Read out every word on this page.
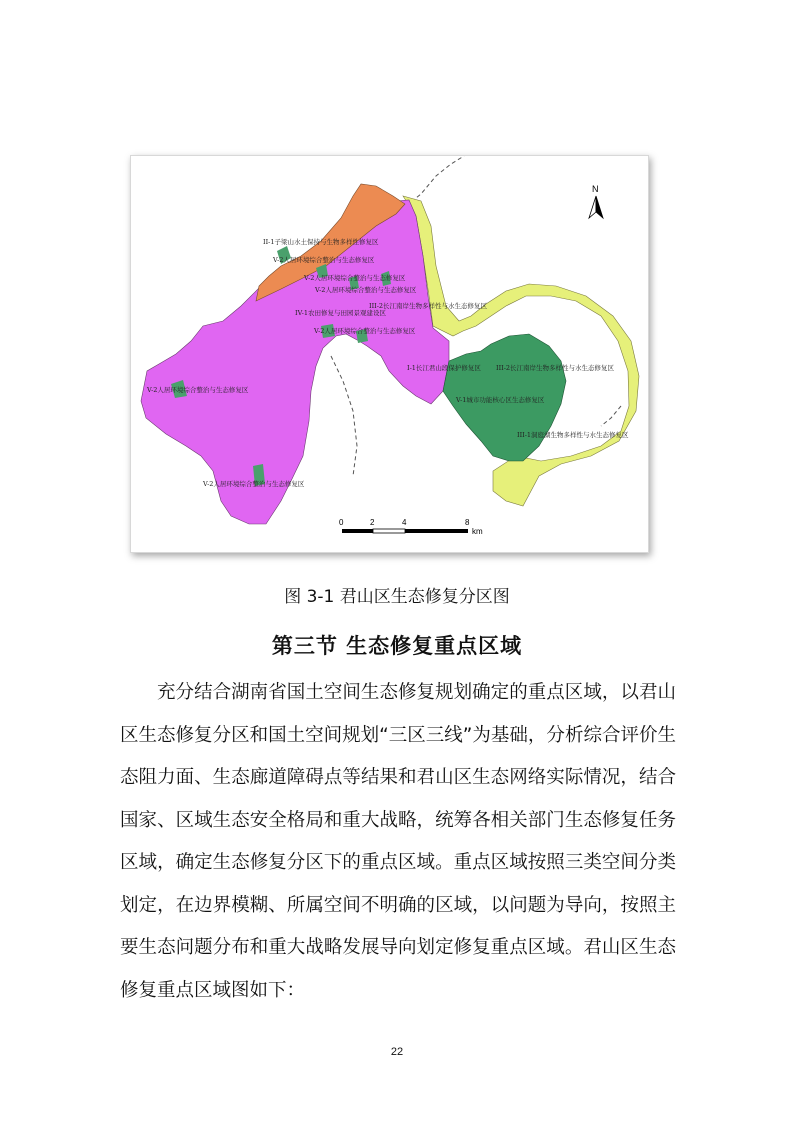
II-1子梁山水土保持与生物多样性修复区
V-2人居环境综合整治与生态修复区
V-2人居环境综合整治与生态修复区
V-2人居环境综合整治与生态修复区
III-2长江南岸生物多样性与水生态修复区
IV-1农田修复与田园景观建设区
V-2人居环境综合整治与生态修复区
I-1长江君山段保护修复区 III-2长江南岸生物多样性与水生态修复区
V-2人居环境综合整治与生态修复区
V-1城市功能核心区生态修复区
III-1洞庭湖生物多样性与水生态修复区
V-2人居环境综合整治与生态修复区
N
0	2	4	8
km
图 3-1 君山区生态修复分区图
第三节 生态修复重点区域
充分结合湖南省国土空间生态修复规划确定的重点区域，以君山区生态修复分区和国土空间规划“三区三线”为基础，分析综合评价生态阻力面、生态廊道障碍点等结果和君山区生态网络实际情况，结合国家、区域生态安全格局和重大战略，统筹各相关部门生态修复任务区域，确定生态修复分区下的重点区域。重点区域按照三类空间分类划定，在边界模糊、所属空间不明确的区域，以问题为导向，按照主要生态问题分布和重大战略发展导向划定修复重点区域。君山区生态修复重点区域图如下：
22
